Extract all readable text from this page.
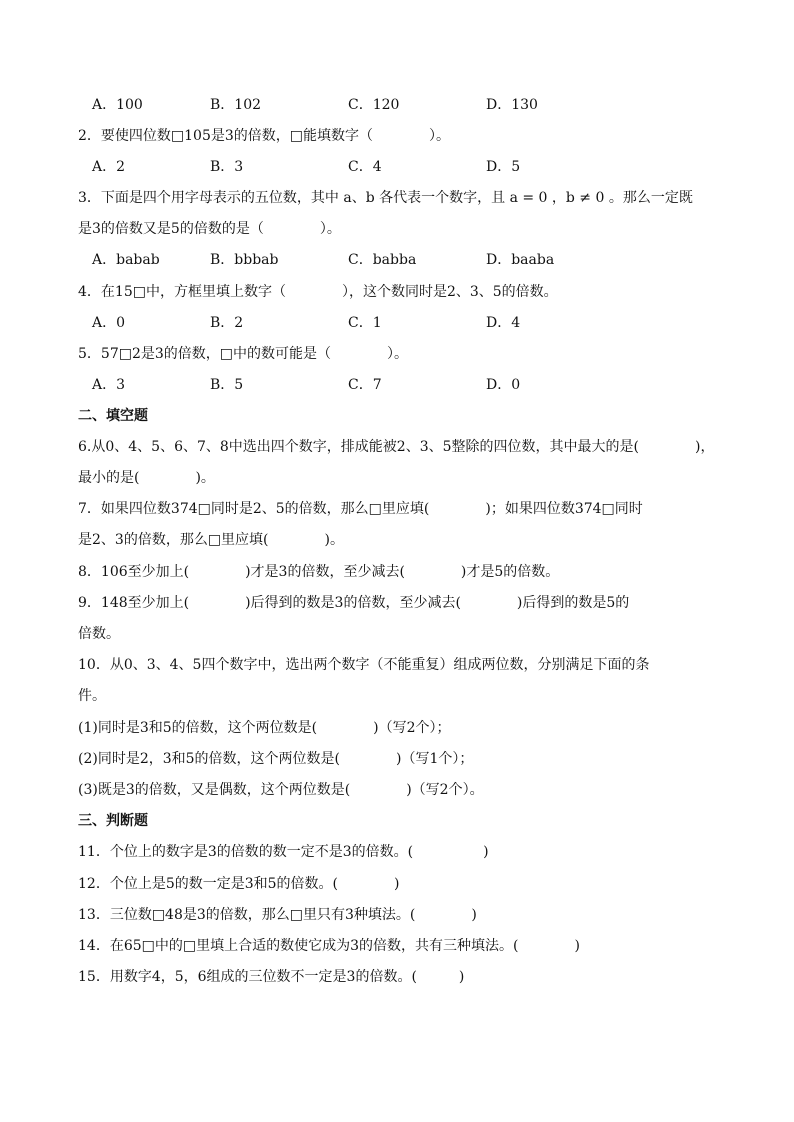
A．100	B．102	C．120	D．130
2．要使四位数□105是3的倍数，□能填数字（　　　　）。
A．2	B．3	C．4	D．5
3．下面是四个用字母表示的五位数，其中 a、b 各代表一个数字，且 a = 0 ，b ≠ 0 。那么一定既
是3的倍数又是5的倍数的是（　　　　）。
A．babab	B．bbbab	C．babba	D．baaba
4．在15□中，方框里填上数字（　　　　），这个数同时是2、3、5的倍数。
A．0	B．2	C．1	D．4
5．57□2是3的倍数，□中的数可能是（　　　　）。
A．3	B．5	C．7	D．0
二、填空题
6.从0、4、5、6、7、8中选出四个数字，排成能被2、3、5整除的四位数，其中最大的是(　　　　)，
最小的是(　　　　)。
7．如果四位数374□同时是2、5的倍数，那么□里应填(　　　　)；如果四位数374□同时
是2、3的倍数，那么□里应填(　　　　)。
8．106至少加上(　　　　)才是3的倍数，至少减去(　　　　)才是5的倍数。
9．148至少加上(　　　　)后得到的数是3的倍数，至少减去(　　　　)后得到的数是5的
倍数。
10．从0、3、4、5四个数字中，选出两个数字（不能重复）组成两位数，分别满足下面的条
件。
(1)同时是3和5的倍数，这个两位数是(　　　　)（写2个）；
(2)同时是2，3和5的倍数，这个两位数是(　　　　)（写1个）；
(3)既是3的倍数，又是偶数，这个两位数是(　　　　)（写2个）。
三、判断题
11．个位上的数字是3的倍数的数一定不是3的倍数。(　　　　　)
12．个位上是5的数一定是3和5的倍数。(　　　　)
13．三位数□48是3的倍数，那么□里只有3种填法。(　　　　)
14．在65□中的□里填上合适的数使它成为3的倍数，共有三种填法。(　　　　)
15．用数字4，5，6组成的三位数不一定是3的倍数。(　　　)
